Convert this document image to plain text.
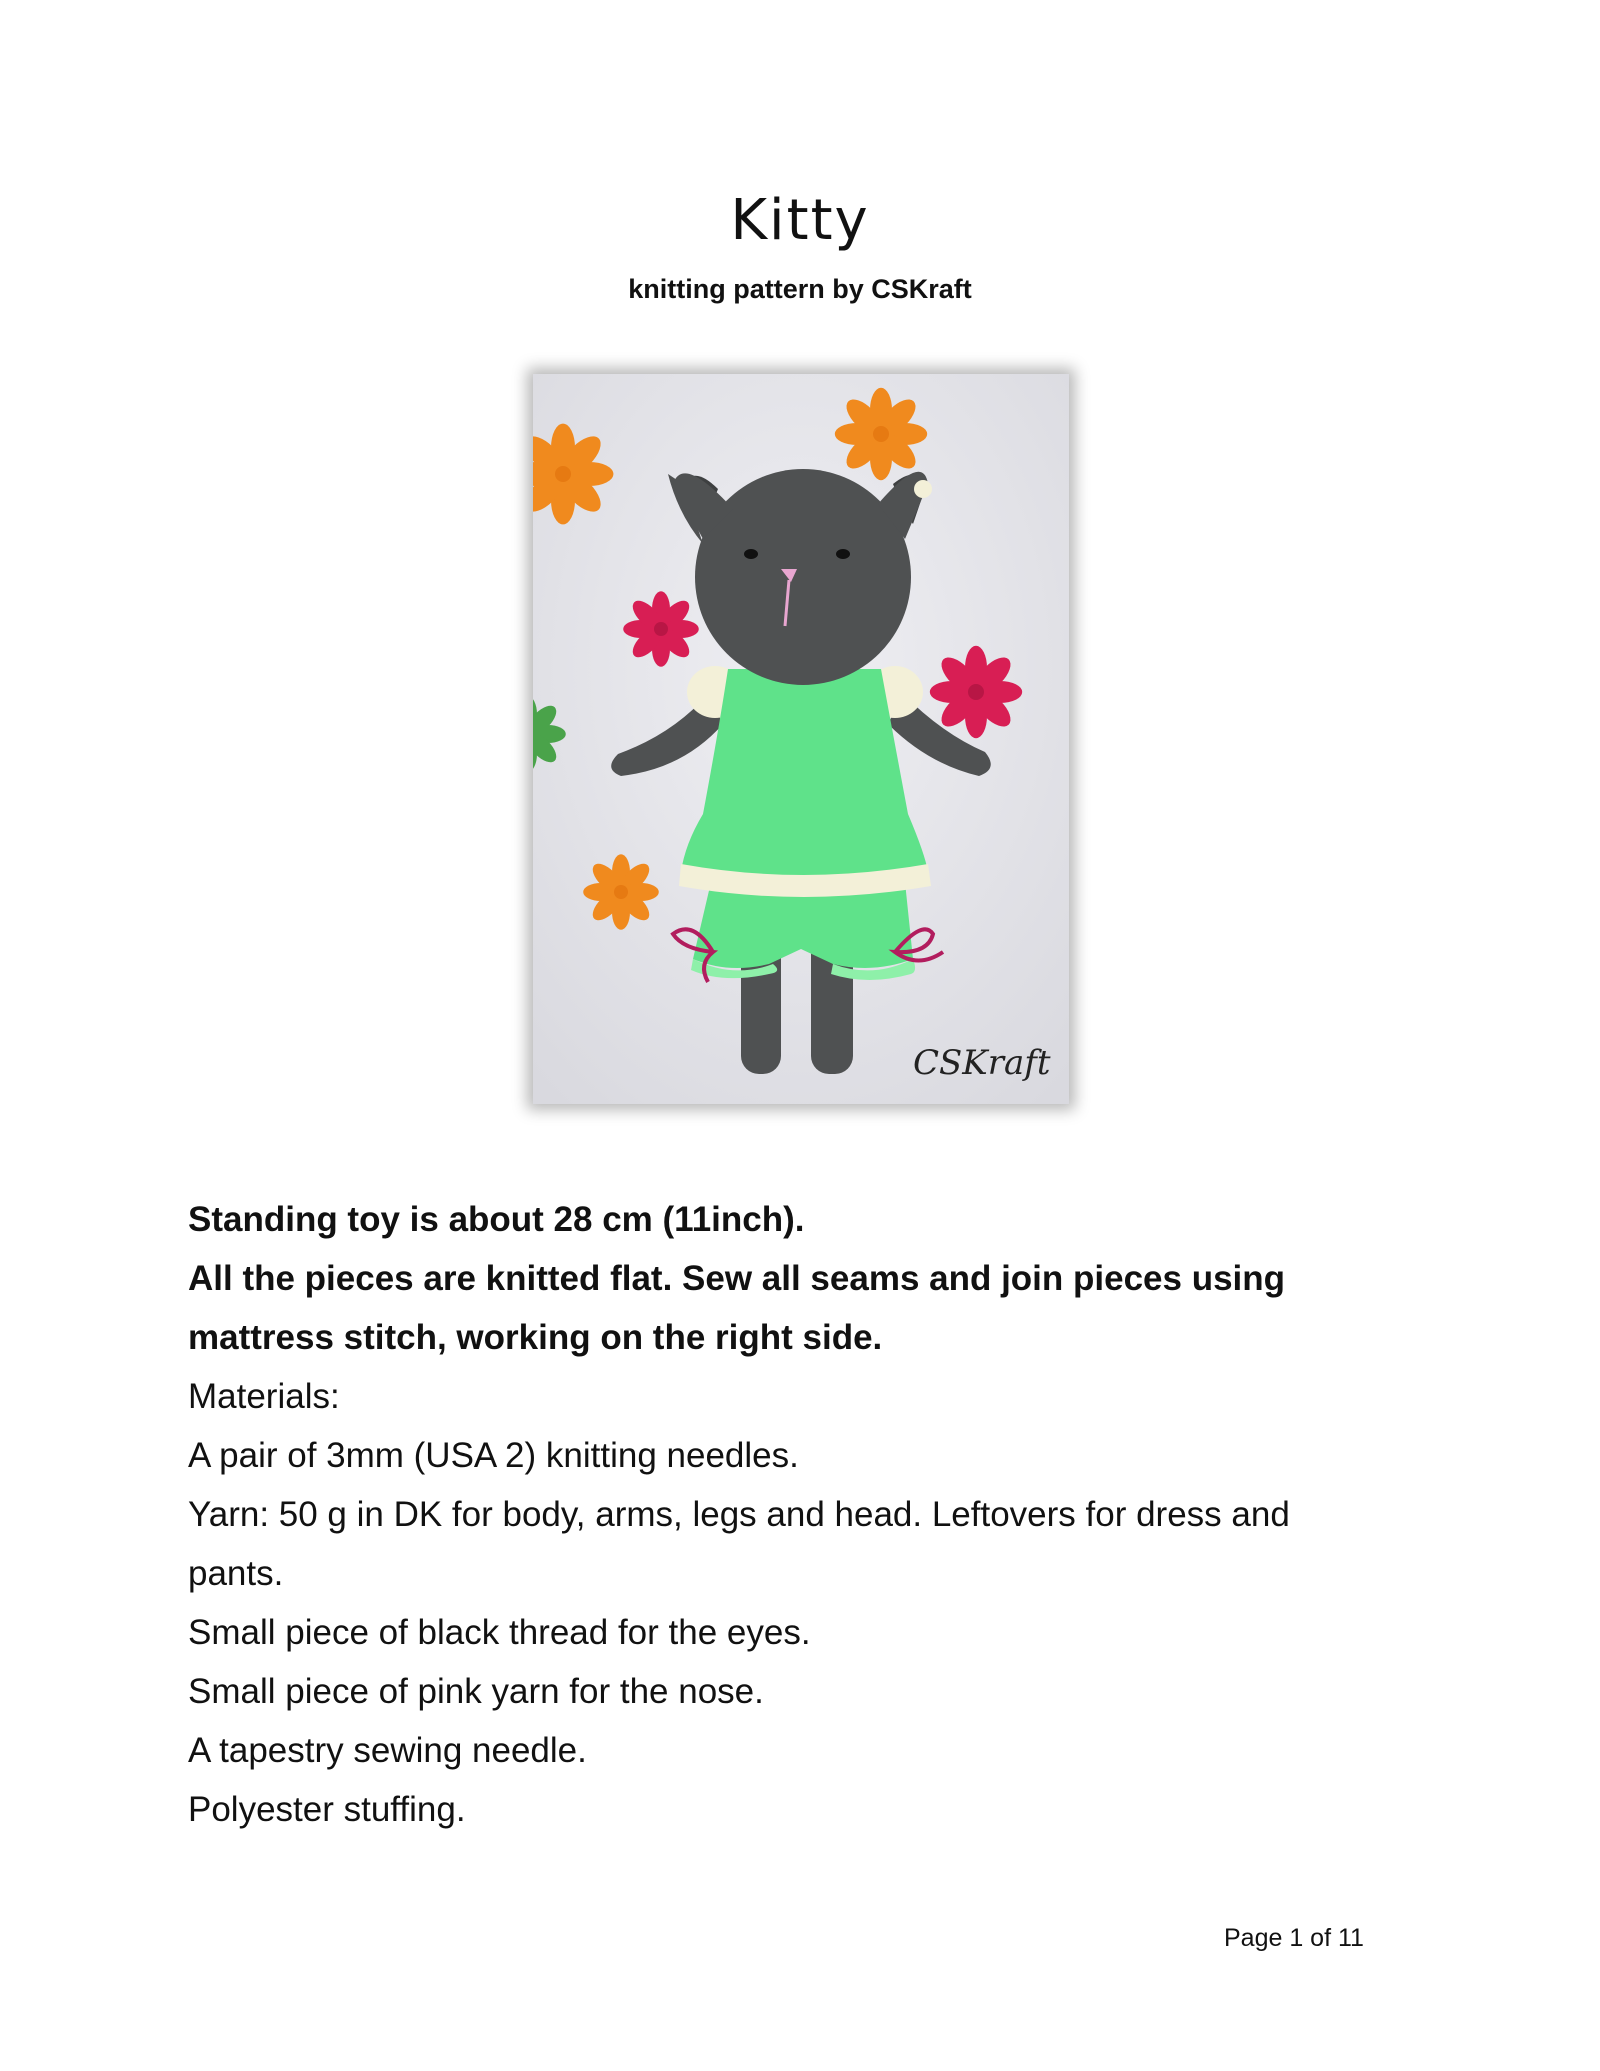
Kitty
knitting pattern by CSKraft
CSKraft

Standing toy is about 28 cm (11inch).

All the pieces are knitted flat. Sew all seams and join pieces using

mattress stitch, working on the right side.

Materials:

A pair of 3mm (USA 2) knitting needles.

Yarn: 50 g in DK for body, arms, legs and head. Leftovers for dress and

pants.

Small piece of black thread for the eyes.

Small piece of pink yarn for the nose.

A tapestry sewing needle.

Polyester stuffing.

Page 1 of 11
